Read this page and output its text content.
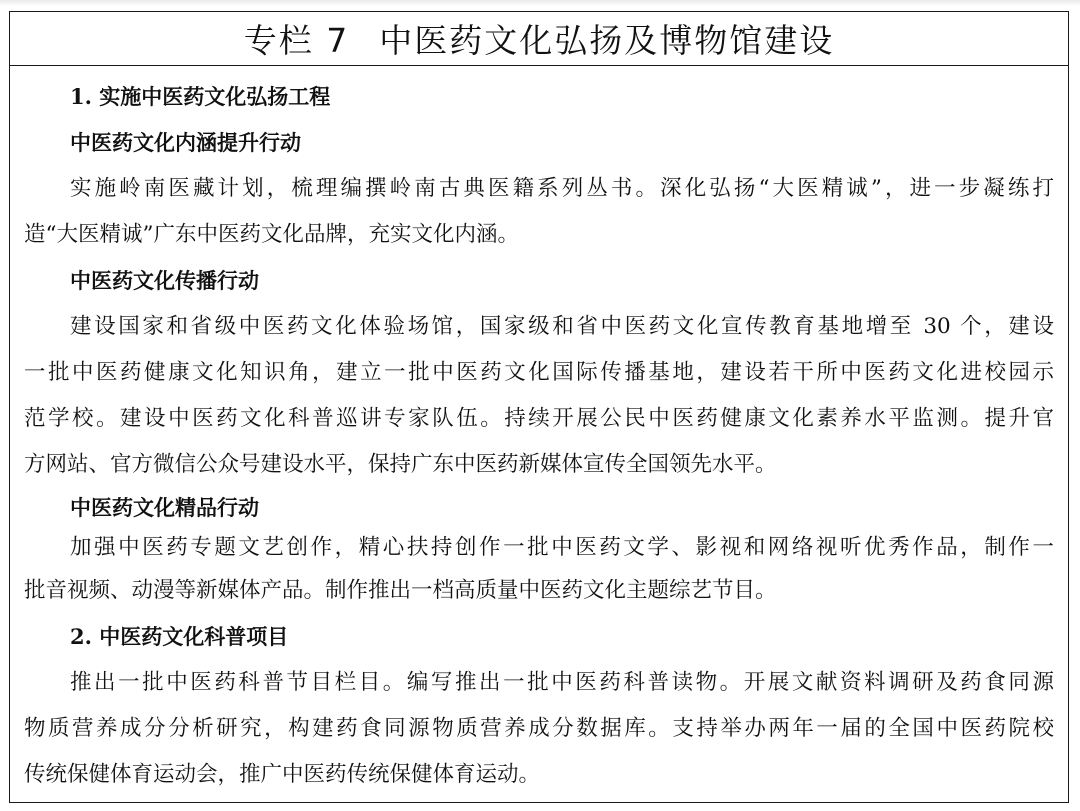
专栏 7 中医药文化弘扬及博物馆建设
1. 实施中医药文化弘扬工程
中医药文化内涵提升行动
实施岭南医藏计划，梳理编撰岭南古典医籍系列丛书。深化弘扬“大医精诚”，进一步凝练打
造“大医精诚”广东中医药文化品牌，充实文化内涵。
中医药文化传播行动
建设国家和省级中医药文化体验场馆，国家级和省中医药文化宣传教育基地增至 30 个，建设
一批中医药健康文化知识角，建立一批中医药文化国际传播基地，建设若干所中医药文化进校园示
范学校。建设中医药文化科普巡讲专家队伍。持续开展公民中医药健康文化素养水平监测。提升官
方网站、官方微信公众号建设水平，保持广东中医药新媒体宣传全国领先水平。
中医药文化精品行动
加强中医药专题文艺创作，精心扶持创作一批中医药文学、影视和网络视听优秀作品，制作一
批音视频、动漫等新媒体产品。制作推出一档高质量中医药文化主题综艺节目。
2. 中医药文化科普项目
推出一批中医药科普节目栏目。编写推出一批中医药科普读物。开展文献资料调研及药食同源
物质营养成分分析研究，构建药食同源物质营养成分数据库。支持举办两年一届的全国中医药院校
传统保健体育运动会，推广中医药传统保健体育运动。
